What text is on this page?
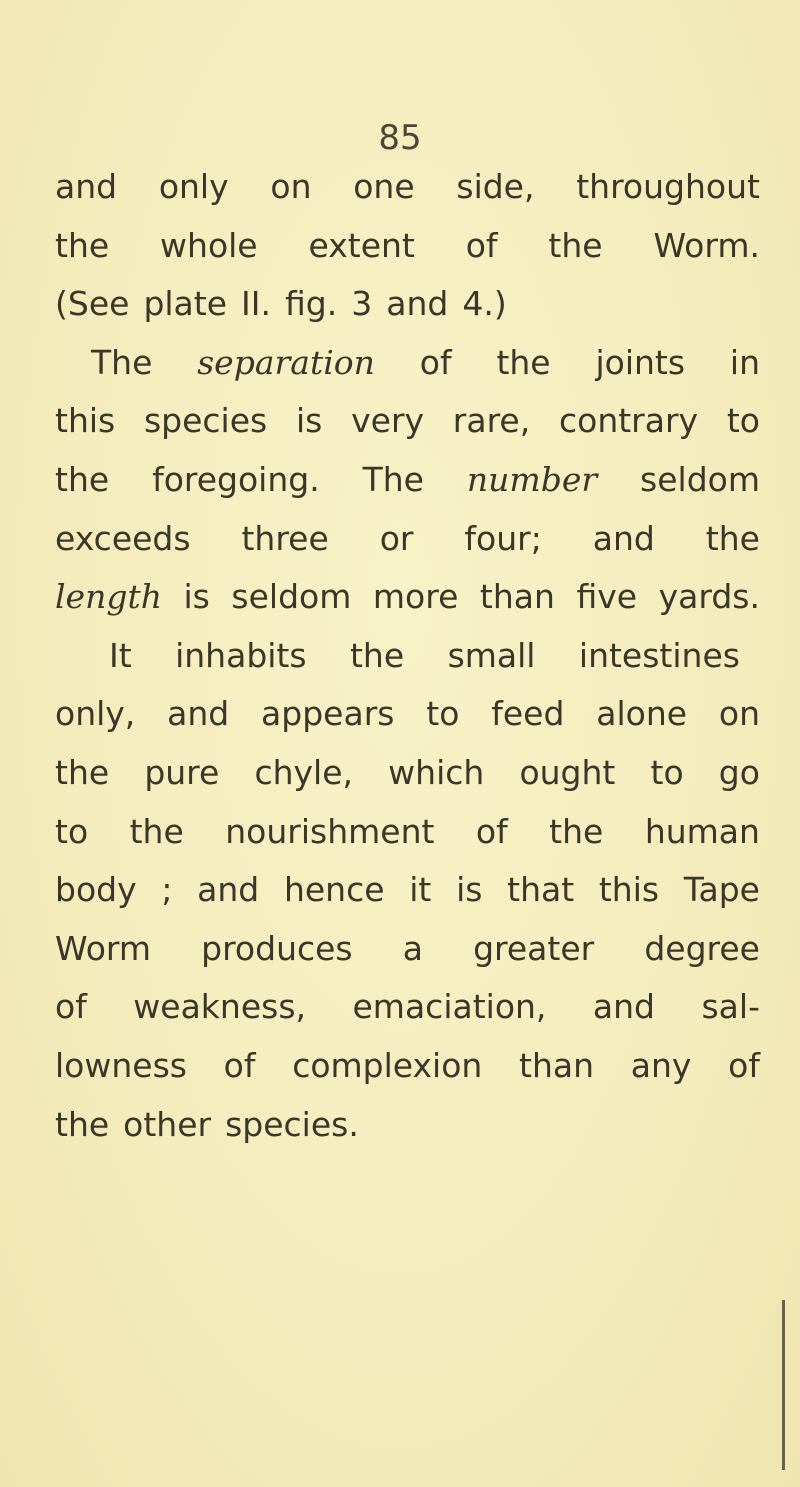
85
and only on one side, throughout
the whole extent of the Worm.
(See plate II. fig. 3 and 4.)
The separation of the joints in
this species is very rare, contrary to
the foregoing. The number seldom
exceeds three or four; and the
length is seldom more than five yards.
It inhabits the small intestines
only, and appears to feed alone on
the pure chyle, which ought to go
to the nourishment of the human
body ; and hence it is that this Tape
Worm produces a greater degree
of weakness, emaciation, and sal-
lowness of complexion than any of
the other species.
